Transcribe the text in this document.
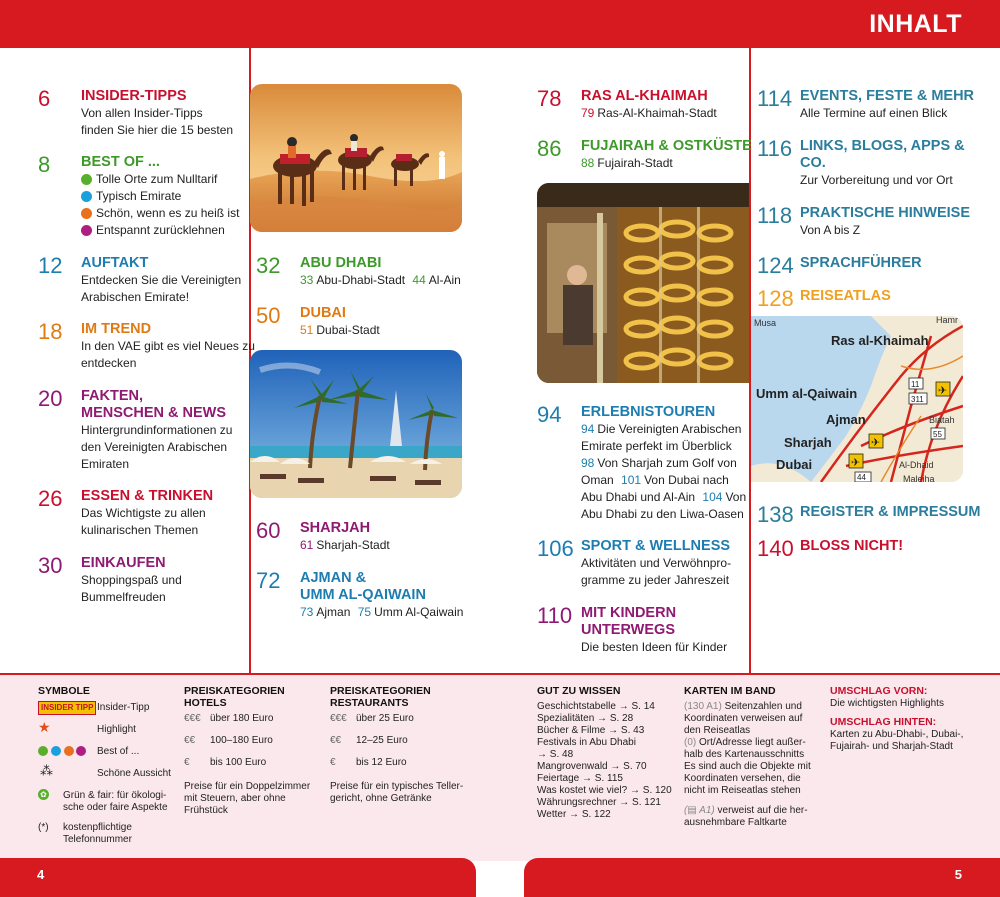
INHALT
6 INSIDER-TIPPS
Von allen Insider-Tipps
finden Sie hier die 15 besten
8 BEST OF ...
Tolle Orte zum Nulltarif
Typisch Emirate
Schön, wenn es zu heiß ist
Entspannt zurücklehnen
12 AUFTAKT
Entdecken Sie die Vereinigten
Arabischen Emirate!
18 IM TREND
In den VAE gibt es viel Neues zu
entdecken
20 FAKTEN,
MENSCHEN & NEWS
Hintergrundinformationen zu
den Vereinigten Arabischen
Emiraten
26 ESSEN & TRINKEN
Das Wichtigste zu allen
kulinarischen Themen
30 EINKAUFEN
Shoppingspaß und
Bummelfreuden
32 ABU DHABI
33 Abu-Dhabi-Stadt 44 Al-Ain
50 DUBAI
51 Dubai-Stadt
60 SHARJAH
61 Sharjah-Stadt
72 AJMAN &
UMM AL-QAIWAIN
73 Ajman 75 Umm Al-Qaiwain
78 RAS AL-KHAIMAH
79 Ras-Al-Khaimah-Stadt
86 FUJAIRAH & OSTKÜSTE
88 Fujairah-Stadt
94 ERLEBNISTOUREN
94 Die Vereinigten Arabischen
Emirate perfekt im Überblick
98 Von Sharjah zum Golf von
Oman 101 Von Dubai nach
Abu Dhabi und Al-Ain 104 Von
Abu Dhabi zu den Liwa-Oasen
106 SPORT & WELLNESS
Aktivitäten und Verwöhnpro-
gramme zu jeder Jahreszeit
110 MIT KINDERN
UNTERWEGS
Die besten Ideen für Kinder
114 EVENTS, FESTE & MEHR
Alle Termine auf einen Blick
116 LINKS, BLOGS, APPS &
CO.
Zur Vorbereitung und vor Ort
118 PRAKTISCHE HINWEISE
Von A bis Z
124 SPRACHFÜHRER
128 REISEATLAS
Ras al-Khaimah
Umm al-Qaiwain
Ajman
Sharjah
Dubai
Musa
Al-Dhaid
Biatah
Hamr
Maleiha
11
311
55
44
✈
✈
✈
138 REGISTER & IMPRESSUM
140 BLOSS NICHT!
SYMBOLE
INSIDER TIPP Insider-Tipp
★	Highlight

Best of ...
⁂	Schöne Aussicht
✿ Grün & fair: für ökologi-
sche oder faire Aspekte
(*) kostenpflichtige
Telefonnummer
PREISKATEGORIEN
HOTELS
€€€ über 180 Euro
€€ 100–180 Euro
€ bis 100 Euro
Preise für ein Doppelzimmer
mit Steuern, aber ohne
Frühstück
PREISKATEGORIEN
RESTAURANTS
€€€ über 25 Euro
€€ 12–25 Euro
€ bis 12 Euro
Preise für ein typisches Teller-
gericht, ohne Getränke
GUT ZU WISSEN
Geschichtstabelle → S. 14
Spezialitäten → S. 28
Bücher & Filme → S. 43
Festivals in Abu Dhabi
→ S. 48
Mangrovenwald → S. 70
Feiertage → S. 115
Was kostet wie viel? → S. 120
Währungsrechner → S. 121
Wetter → S. 122
KARTEN IM BAND
(130 A1) Seitenzahlen und
Koordinaten verweisen auf
den Reiseatlas
(0) Ort/Adresse liegt außer-
halb des Kartenausschnitts
Es sind auch die Objekte mit
Koordinaten versehen, die
nicht im Reiseatlas stehen
(▤ A1) verweist auf die her-
ausnehmbare Faltkarte
UMSCHLAG VORN:
Die wichtigsten Highlights
UMSCHLAG HINTEN:
Karten zu Abu-Dhabi-, Dubai-,
Fujairah- und Sharjah-Stadt
4	5
